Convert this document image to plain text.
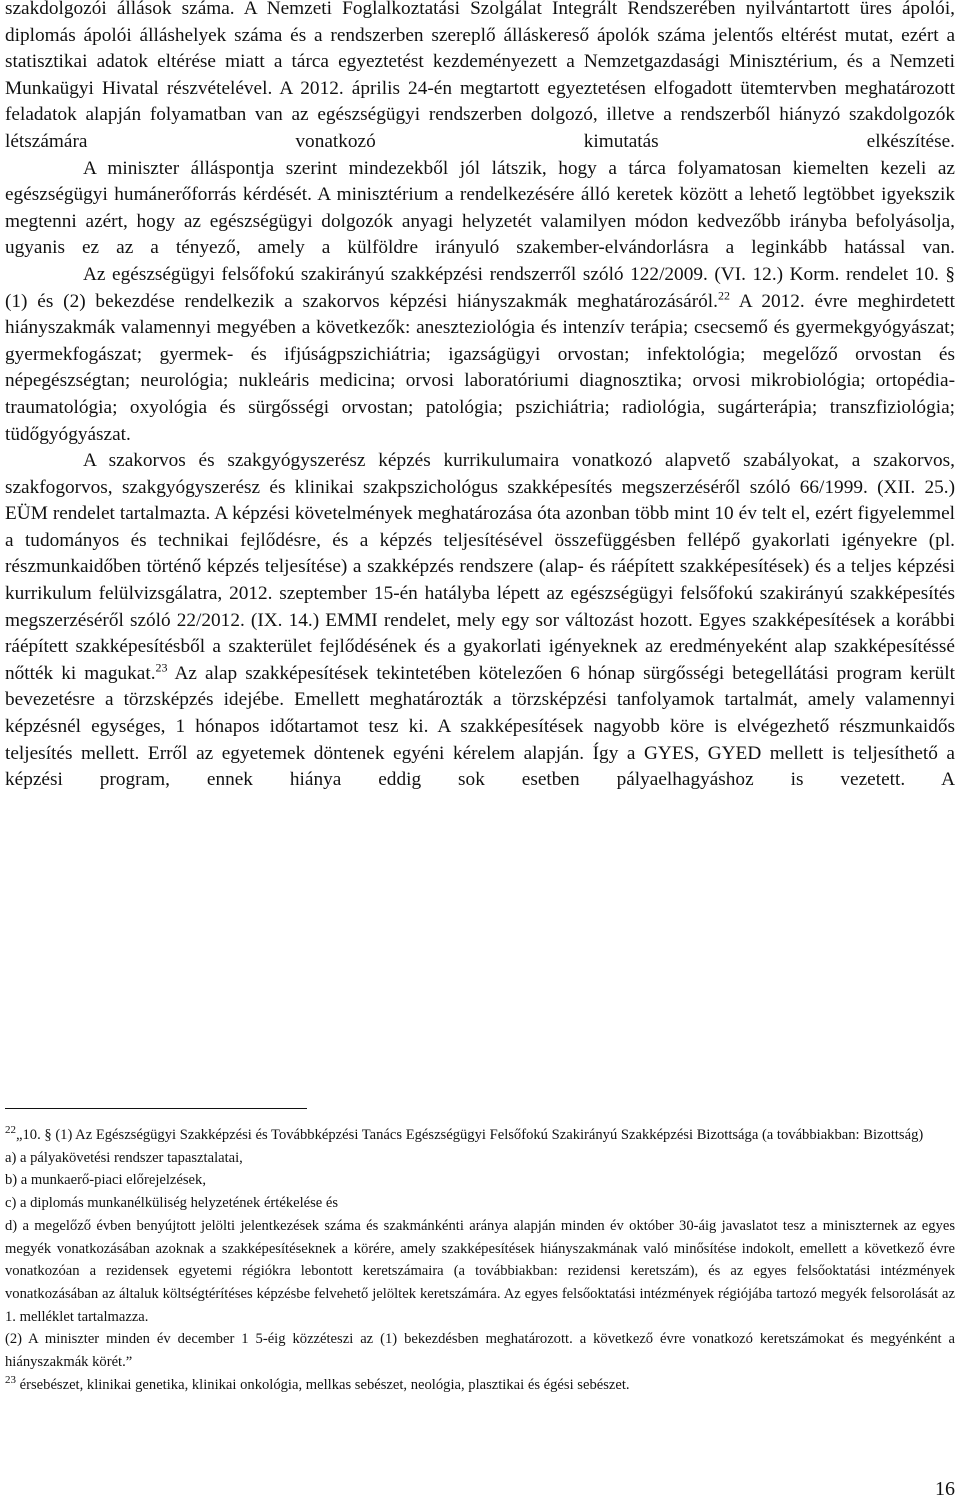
szakdolgozói állások száma. A Nemzeti Foglalkoztatási Szolgálat Integrált Rendszerében nyilvántartott üres ápolói, diplomás ápolói álláshelyek száma és a rendszerben szereplő álláskereső ápolók száma jelentős eltérést mutat, ezért a statisztikai adatok eltérése miatt a tárca egyeztetést kezdeményezett a Nemzetgazdasági Minisztérium, és a Nemzeti Munkaügyi Hivatal részvételével. A 2012. április 24-én megtartott egyeztetésen elfogadott ütemtervben meghatározott feladatok alapján folyamatban van az egészségügyi rendszerben dolgozó, illetve a rendszerből hiányzó szakdolgozók létszámára vonatkozó kimutatás elkészítése.

A miniszter álláspontja szerint mindezekből jól látszik, hogy a tárca folyamatosan kiemelten kezeli az egészségügyi humánerőforrás kérdését. A minisztérium a rendelkezésére álló keretek között a lehető legtöbbet igyekszik megtenni azért, hogy az egészségügyi dolgozók anyagi helyzetét valamilyen módon kedvezőbb irányba befolyásolja, ugyanis ez az a tényező, amely a külföldre irányuló szakember-elvándorlásra a leginkább hatással van.

Az egészségügyi felsőfokú szakirányú szakképzési rendszerről szóló 122/2009. (VI. 12.) Korm. rendelet 10. § (1) és (2) bekezdése rendelkezik a szakorvos képzési hiányszakmák meghatározásáról.$^{22}$ A 2012. évre meghirdetett hiányszakmák valamennyi megyében a következők: aneszteziológia és intenzív terápia; csecsemő és gyermekgyógyászat; gyermekfogászat; gyermek- és ifjúságpszichiátria; igazságügyi orvostan; infektológia; megelőző orvostan és népegészségtan; neurológia; nukleáris medicina; orvosi laboratóriumi diagnosztika; orvosi mikrobiológia; ortopédia-traumatológia; oxyológia és sürgősségi orvostan; patológia; pszichiátria; radiológia, sugárterápia; transzfiziológia; tüdőgyógyászat.

A szakorvos és szakgyógyszerész képzés kurrikulumaira vonatkozó alapvető szabályokat, a szakorvos, szakfogorvos, szakgyógyszerész és klinikai szakpszichológus szakképesítés megszerzéséről szóló 66/1999. (XII. 25.) EÜM rendelet tartalmazta. A képzési követelmények meghatározása óta azonban több mint 10 év telt el, ezért figyelemmel a tudományos és technikai fejlődésre, és a képzés teljesítésével összefüggésben fellépő gyakorlati igényekre (pl. részmunkaidőben történő képzés teljesítése) a szakképzés rendszere (alap- és ráépített szakképesítések) és a teljes képzési kurrikulum felülvizsgálatra, 2012. szeptember 15-én hatályba lépett az egészségügyi felsőfokú szakirányú szakképesítés megszerzéséről szóló 22/2012. (IX. 14.) EMMI rendelet, mely egy sor változást hozott. Egyes szakképesítések a korábbi ráépített szakképesítésből a szakterület fejlődésének és a gyakorlati igényeknek az eredményeként alap szakképesítéssé nőtték ki magukat.$^{23}$ Az alap szakképesítések tekintetében kötelezően 6 hónap sürgősségi betegellátási program került bevezetésre a törzsképzés idejébe. Emellett meghatározták a törzsképzési tanfolyamok tartalmát, amely valamennyi képzésnél egységes, 1 hónapos időtartamot tesz ki. A szakképesítések nagyobb köre is elvégezhető részmunkaidős teljesítés mellett. Erről az egyetemek döntenek egyéni kérelem alapján. Így a GYES, GYED mellett is teljesíthető a képzési program, ennek hiánya eddig sok esetben pályaelhagyáshoz is vezetett. A

$^{22}$„10. § (1) Az Egészségügyi Szakképzési és Továbbképzési Tanács Egészségügyi Felsőfokú Szakirányú Szakképzési Bizottsága (a továbbiakban: Bizottság)

a) a pályakövetési rendszer tapasztalatai,

b) a munkaerő-piaci előrejelzések,

c) a diplomás munkanélküliség helyzetének értékelése és

d) a megelőző évben benyújtott jelölti jelentkezések száma és szakmánkénti aránya alapján minden év október 30-áig javaslatot tesz a miniszternek az egyes megyék vonatkozásában azoknak a szakképesítéseknek a körére, amely szakképesítések hiányszakmának való minősítése indokolt, emellett a következő évre vonatkozóan a rezidensek egyetemi régiókra lebontott keretszámaira (a továbbiakban: rezidensi keretszám), és az egyes felsőoktatási intézmények vonatkozásában az általuk költségtérítéses képzésbe felvehető jelöltek keretszámára. Az egyes felsőoktatási intézmények régiójába tartozó megyék felsorolását az 1. melléklet tartalmazza.

(2) A miniszter minden év december 1 5-éig közzéteszi az (1) bekezdésben meghatározott. a következő évre vonatkozó keretszámokat és megyénként a hiányszakmák körét.”

$^{23}$ érsebészet, klinikai genetika, klinikai onkológia, mellkas sebészet, neológia, plasztikai és égési sebészet.

16
